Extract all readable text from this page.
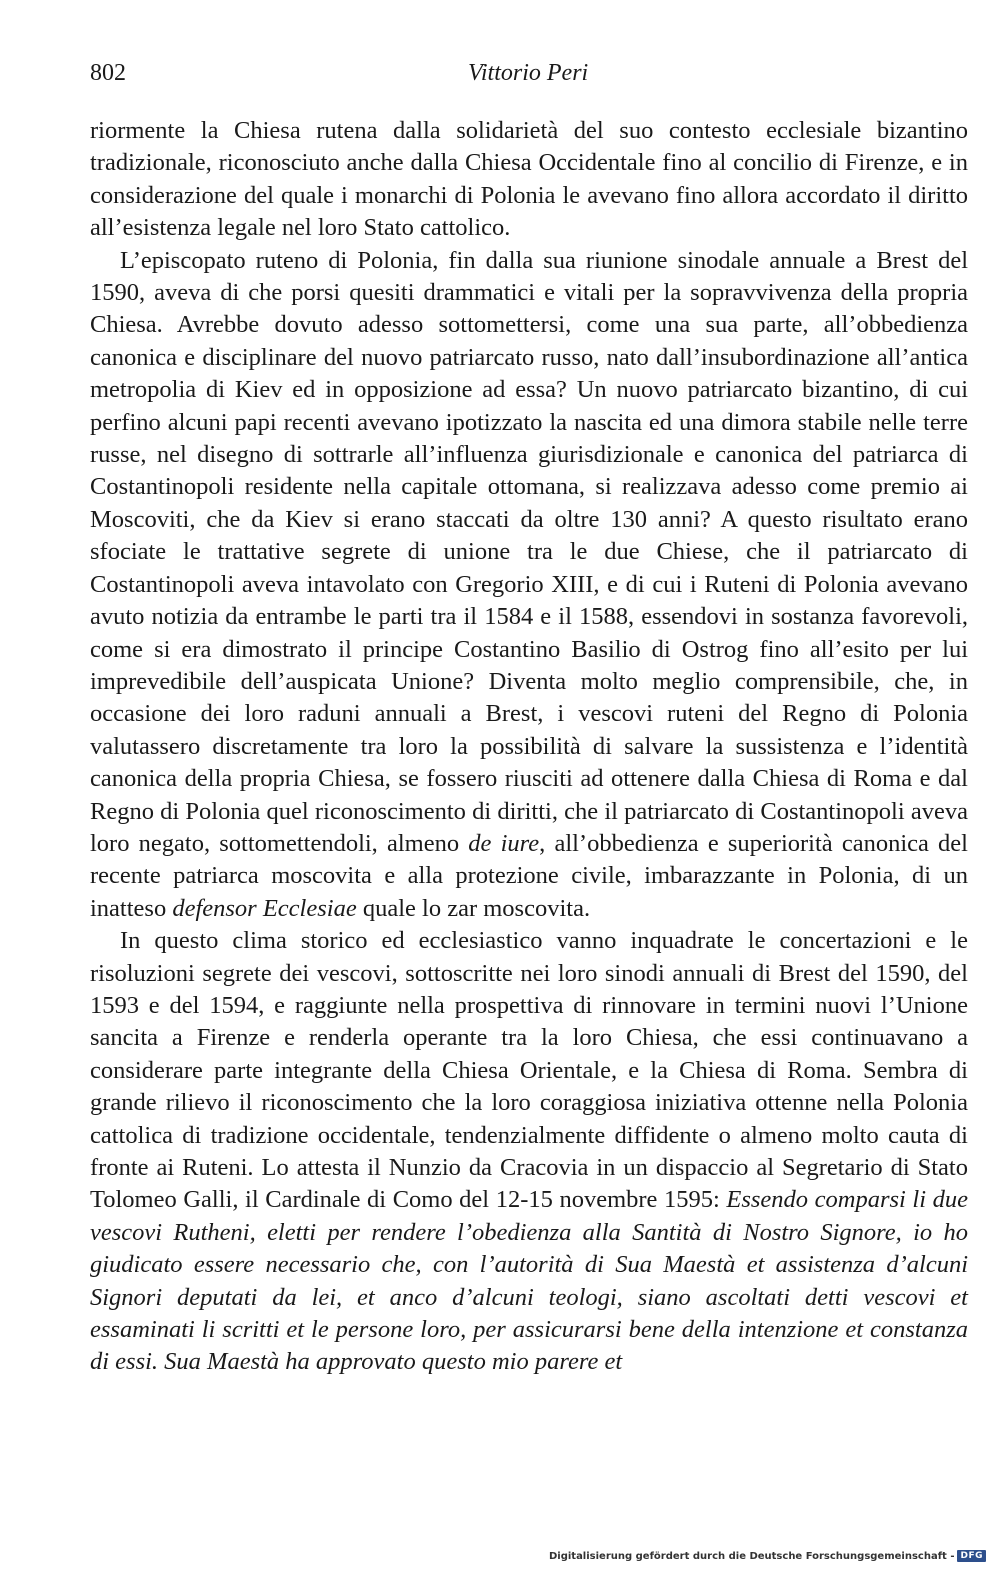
802	Vittorio Peri

riormente la Chiesa rutena dalla solidarietà del suo contesto ecclesiale bizantino tradizionale, riconosciuto anche dalla Chiesa Occidentale fino al concilio di Firenze, e in considerazione del quale i monarchi di Polonia le avevano fino allora accordato il diritto all’esistenza legale nel loro Stato cattolico.

L’episcopato ruteno di Polonia, fin dalla sua riunione sinodale annuale a Brest del 1590, aveva di che porsi quesiti drammatici e vitali per la sopravvivenza della propria Chiesa. Avrebbe dovuto adesso sottomettersi, come una sua parte, all’obbedienza canonica e disciplinare del nuovo patriarcato russo, nato dall’insubordinazione all’antica metropolia di Kiev ed in opposizione ad essa? Un nuovo patriarcato bizantino, di cui perfino alcuni papi recenti avevano ipotizzato la nascita ed una dimora stabile nelle terre russe, nel disegno di sottrarle all’influenza giurisdizionale e canonica del patriarca di Costantinopoli residente nella capitale ottomana, si realizzava adesso come premio ai Moscoviti, che da Kiev si erano staccati da oltre 130 anni? A questo risultato erano sfociate le trattative segrete di unione tra le due Chiese, che il patriarcato di Costantinopoli aveva intavolato con Gregorio XIII, e di cui i Ruteni di Polonia avevano avuto notizia da entrambe le parti tra il 1584 e il 1588, essendovi in sostanza favorevoli, come si era dimostrato il principe Costantino Basilio di Ostrog fino all’esito per lui imprevedibile dell’auspicata Unione? Diventa molto meglio comprensibile, che, in occasione dei loro raduni annuali a Brest, i vescovi ruteni del Regno di Polonia valutassero discretamente tra loro la possibilità di salvare la sussistenza e l’identità canonica della propria Chiesa, se fossero riusciti ad ottenere dalla Chiesa di Roma e dal Regno di Polonia quel riconoscimento di diritti, che il patriarcato di Costantinopoli aveva loro negato, sottomettendoli, almeno de iure, all’obbedienza e superiorità canonica del recente patriarca moscovita e alla protezione civile, imbarazzante in Polonia, di un inatteso defensor Ecclesiae quale lo zar moscovita.

In questo clima storico ed ecclesiastico vanno inquadrate le concertazioni e le risoluzioni segrete dei vescovi, sottoscritte nei loro sinodi annuali di Brest del 1590, del 1593 e del 1594, e raggiunte nella prospettiva di rinnovare in termini nuovi l’Unione sancita a Firenze e renderla operante tra la loro Chiesa, che essi continuavano a considerare parte integrante della Chiesa Orientale, e la Chiesa di Roma. Sembra di grande rilievo il riconoscimento che la loro coraggiosa iniziativa ottenne nella Polonia cattolica di tradizione occidentale, tendenzialmente diffidente o almeno molto cauta di fronte ai Ruteni. Lo attesta il Nunzio da Cracovia in un dispaccio al Segretario di Stato Tolomeo Galli, il Cardinale di Como del 12-15 novembre 1595: Essendo comparsi li due vescovi Rutheni, eletti per rendere l’obedienza alla Santità di Nostro Signore, io ho giudicato essere necessario che, con l’autorità di Sua Maestà et assistenza d’alcuni Signori deputati da lei, et anco d’alcuni teologi, siano ascoltati detti vescovi et essaminati li scritti et le persone loro, per assicurarsi bene della intenzione et constanza di essi. Sua Maestà ha approvato questo mio parere et

Digitalisierung gefördert durch die Deutsche Forschungsgemeinschaft - DFG
